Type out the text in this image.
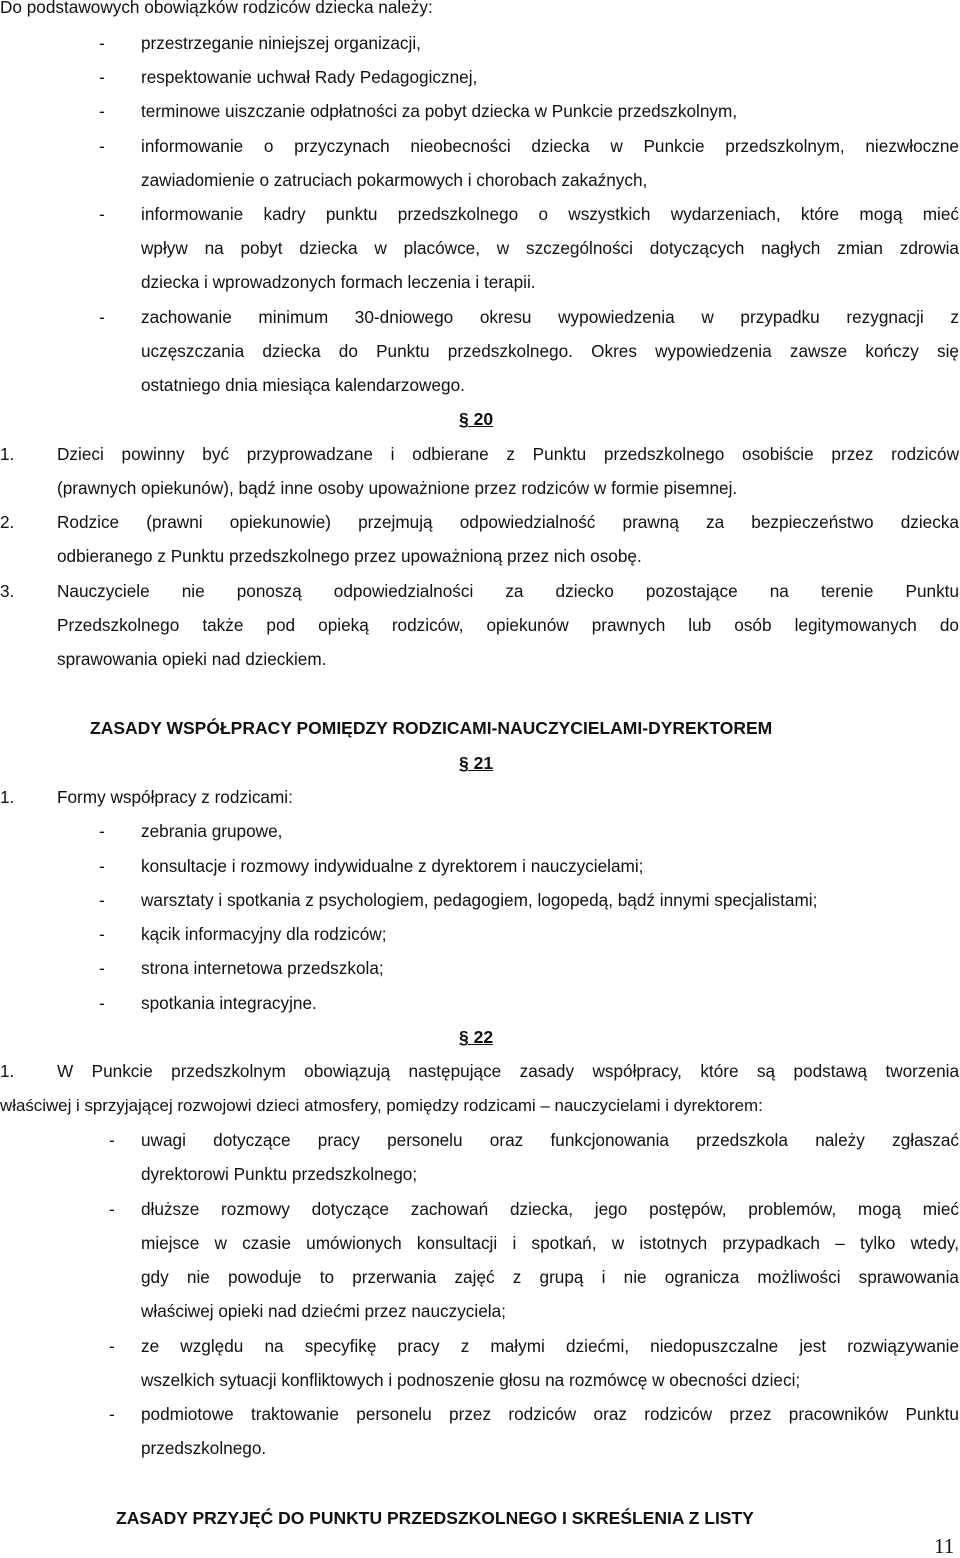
Do podstawowych obowiązków rodziców dziecka należy:
- przestrzeganie niniejszej organizacji,
- respektowanie uchwał Rady Pedagogicznej,
- terminowe uiszczanie odpłatności za pobyt dziecka w Punkcie przedszkolnym,
- informowanie o przyczynach nieobecności dziecka w Punkcie przedszkolnym, niezwłoczne
zawiadomienie o zatruciach pokarmowych i chorobach zakaźnych,
- informowanie kadry punktu przedszkolnego o wszystkich wydarzeniach, które mogą mieć
wpływ na pobyt dziecka w placówce, w szczególności dotyczących nagłych zmian zdrowia
dziecka i wprowadzonych formach leczenia i terapii.
- zachowanie minimum 30-dniowego okresu wypowiedzenia w przypadku rezygnacji z
uczęszczania dziecka do Punktu przedszkolnego. Okres wypowiedzenia zawsze kończy się
ostatniego dnia miesiąca kalendarzowego.
§ 20
1. Dzieci powinny być przyprowadzane i odbierane z Punktu przedszkolnego osobiście przez rodziców
(prawnych opiekunów), bądź inne osoby upoważnione przez rodziców w formie pisemnej.
2. Rodzice (prawni opiekunowie) przejmują odpowiedzialność prawną za bezpieczeństwo dziecka
odbieranego z Punktu przedszkolnego przez upoważnioną przez nich osobę.
3. Nauczyciele nie ponoszą odpowiedzialności za dziecko pozostające na terenie Punktu
Przedszkolnego także pod opieką rodziców, opiekunów prawnych lub osób legitymowanych do
sprawowania opieki nad dzieckiem.
ZASADY WSPÓŁPRACY POMIĘDZY RODZICAMI-NAUCZYCIELAMI-DYREKTOREM
§ 21
1. Formy współpracy z rodzicami:
- zebrania grupowe,
- konsultacje i rozmowy indywidualne z dyrektorem i nauczycielami;
- warsztaty i spotkania z psychologiem, pedagogiem, logopedą, bądź innymi specjalistami;
- kącik informacyjny dla rodziców;
- strona internetowa przedszkola;
- spotkania integracyjne.
§ 22
1. W Punkcie przedszkolnym obowiązują następujące zasady współpracy, które są podstawą tworzenia
właściwej i sprzyjającej rozwojowi dzieci atmosfery, pomiędzy rodzicami – nauczycielami i dyrektorem:
- uwagi dotyczące pracy personelu oraz funkcjonowania przedszkola należy zgłaszać
dyrektorowi Punktu przedszkolnego;
- dłuższe rozmowy dotyczące zachowań dziecka, jego postępów, problemów, mogą mieć
miejsce w czasie umówionych konsultacji i spotkań, w istotnych przypadkach – tylko wtedy,
gdy nie powoduje to przerwania zajęć z grupą i nie ogranicza możliwości sprawowania
właściwej opieki nad dziećmi przez nauczyciela;
- ze względu na specyfikę pracy z małymi dziećmi, niedopuszczalne jest rozwiązywanie
wszelkich sytuacji konfliktowych i podnoszenie głosu na rozmówcę w obecności dzieci;
- podmiotowe traktowanie personelu przez rodziców oraz rodziców przez pracowników Punktu
przedszkolnego.
ZASADY PRZYJĘĆ DO PUNKTU PRZEDSZKOLNEGO I SKREŚLENIA Z LISTY
11
